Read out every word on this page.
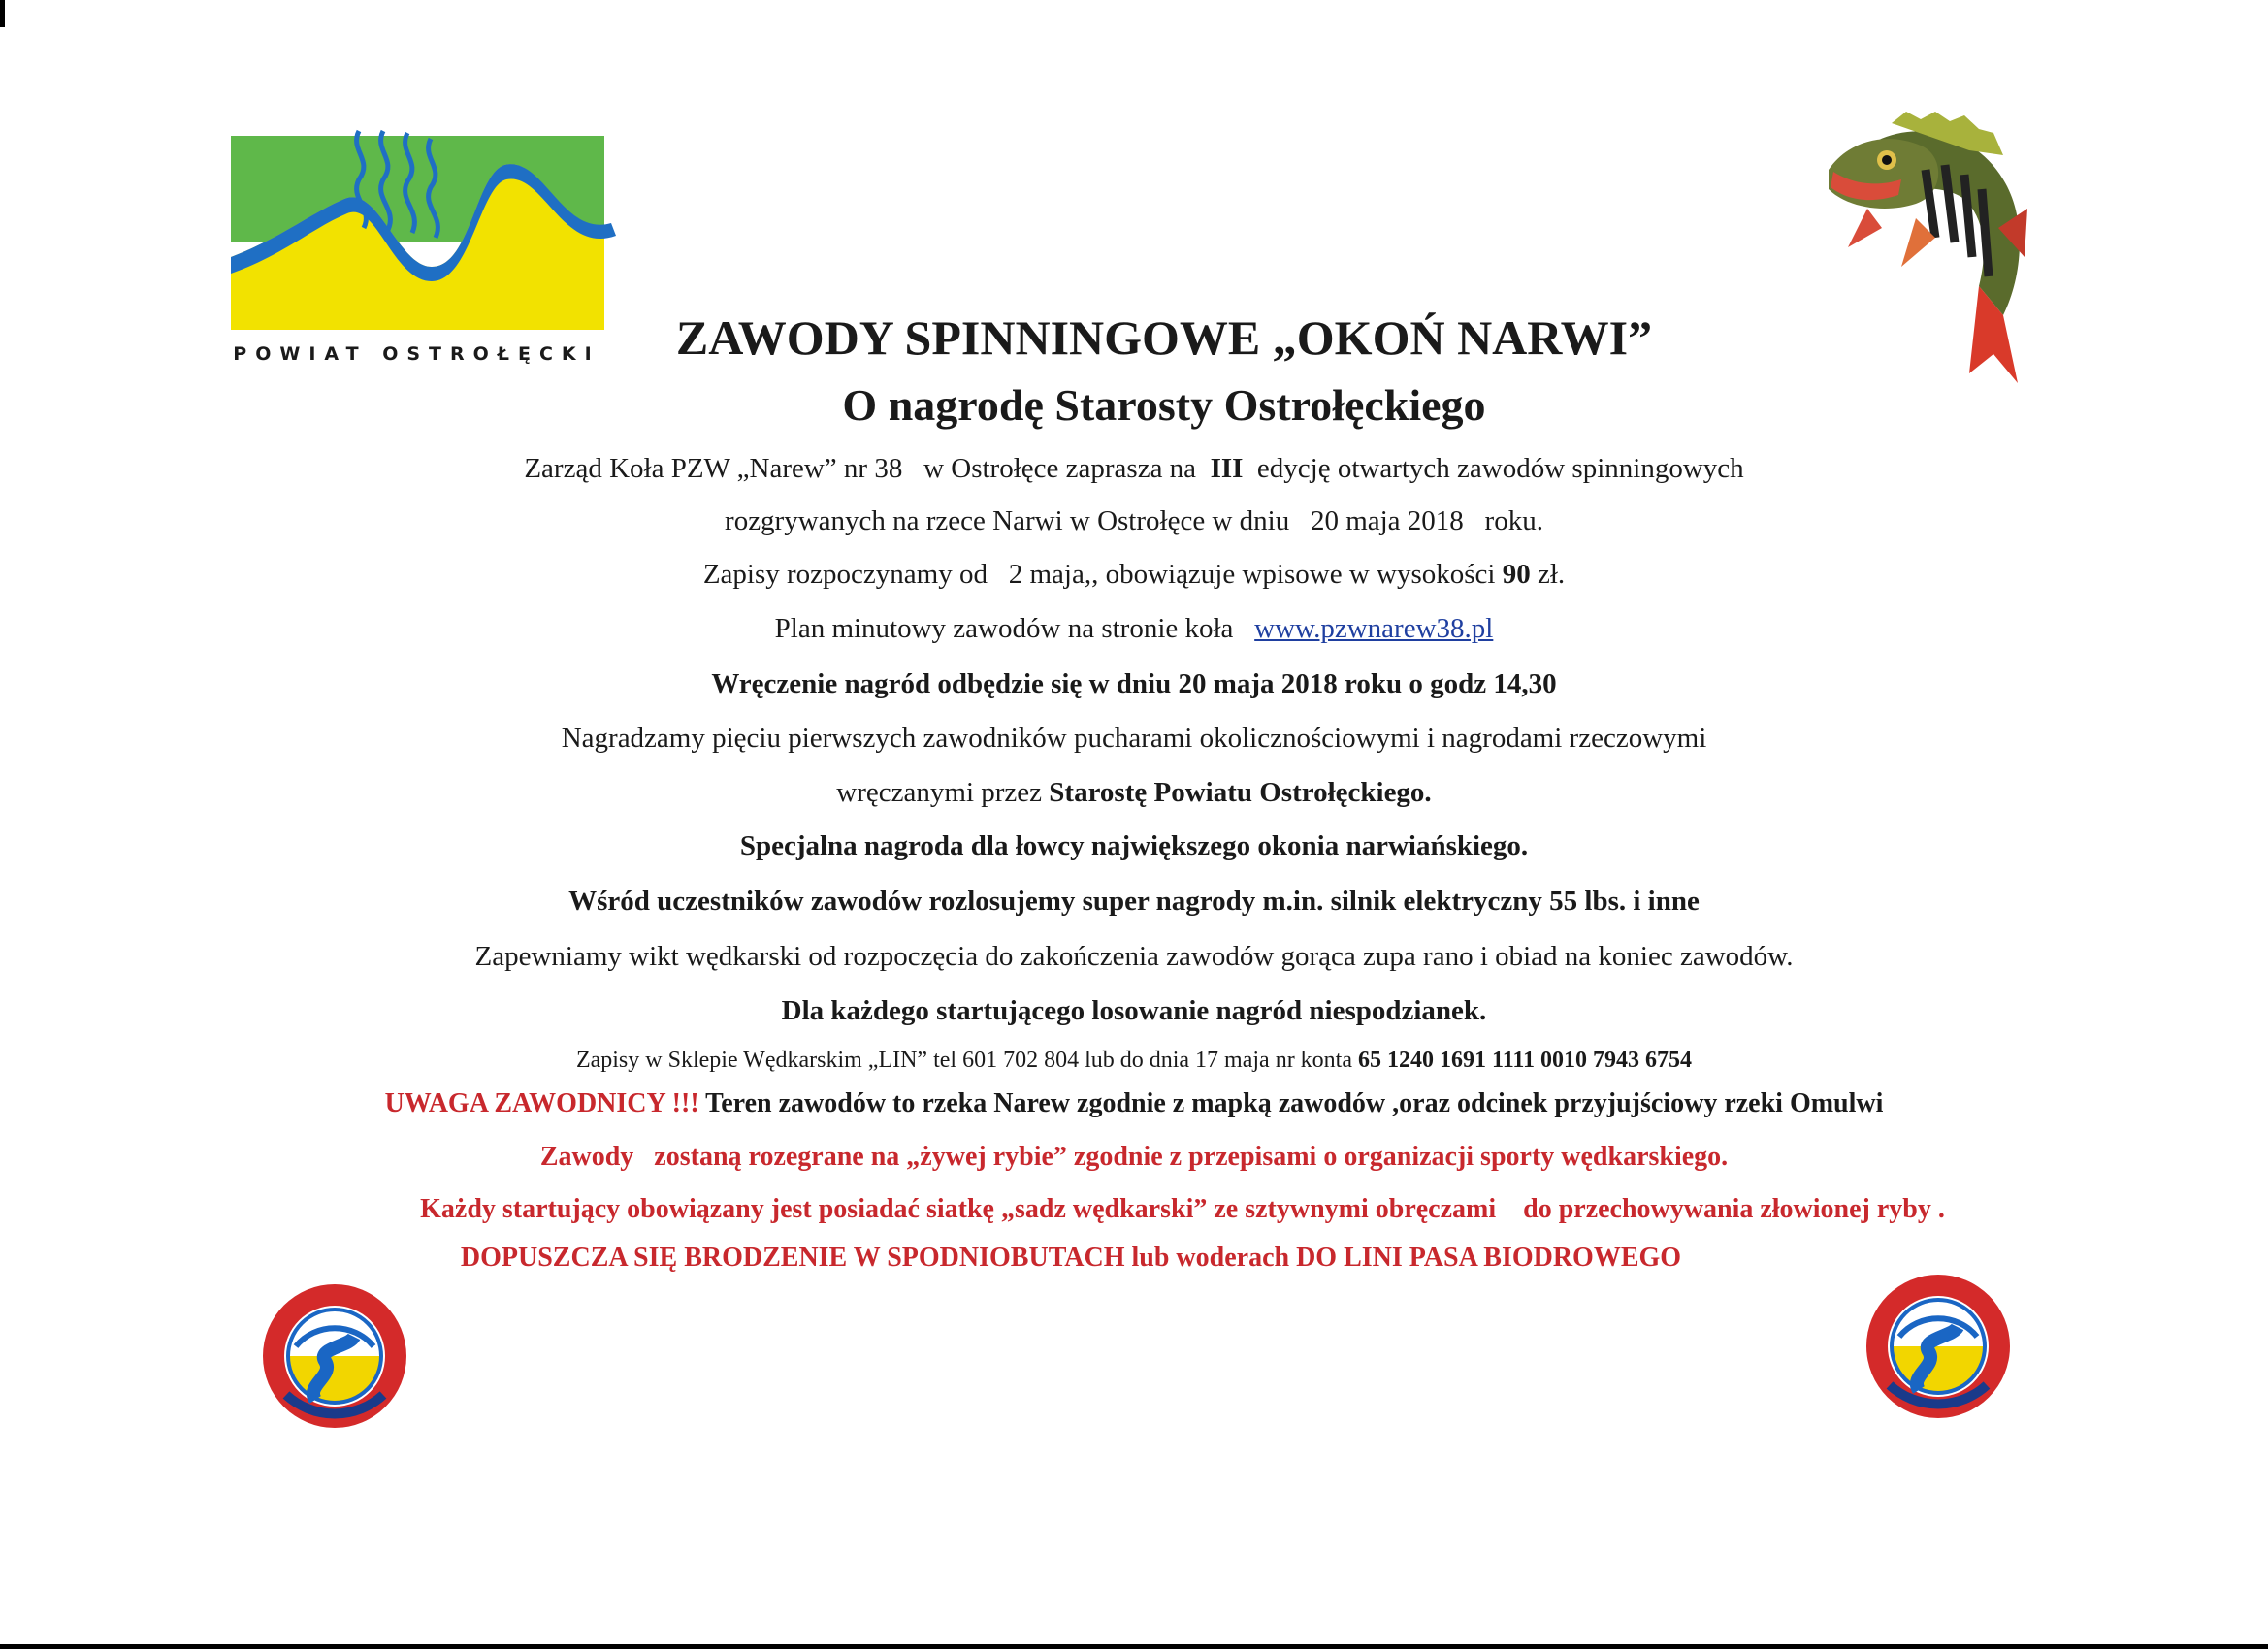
POWIAT OSTROŁĘCKI	ZAWODY SPINNINGOWE „OKOŃ NARWI”
O nagrodę Starosty Ostrołęckiego
Zarząd Koła PZW „Narew” nr 38   w Ostrołęce zaprasza na  III  edycję otwartych zawodów spinningowych
rozgrywanych na rzece Narwi w Ostrołęce w dniu   20 maja 2018   roku.
Zapisy rozpoczynamy od   2 maja,, obowiązuje wpisowe w wysokości 90 zł.
Plan minutowy zawodów na stronie koła   www.pzwnarew38.pl
Wręczenie nagród odbędzie się w dniu 20 maja 2018 roku o godz 14,30
Nagradzamy pięciu pierwszych zawodników pucharami okolicznościowymi i nagrodami rzeczowymi
wręczanymi przez Starostę Powiatu Ostrołęckiego.
Specjalna nagroda dla łowcy największego okonia narwiańskiego.
Wśród uczestników zawodów rozlosujemy super nagrody m.in. silnik elektryczny 55 lbs. i inne
Zapewniamy wikt wędkarski od rozpoczęcia do zakończenia zawodów gorąca zupa rano i obiad na koniec zawodów.
Dla każdego startującego losowanie nagród niespodzianek.
Zapisy w Sklepie Wędkarskim „LIN” tel 601 702 804 lub do dnia 17 maja nr konta 65 1240 1691 1111 0010 7943 6754
UWAGA ZAWODNICY !!! Teren zawodów to rzeka Narew zgodnie z mapką zawodów ,oraz odcinek przyjujściowy rzeki Omulwi
Zawody   zostaną rozegrane na „żywej rybie” zgodnie z przepisami o organizacji sporty wędkarskiego.
Każdy startujący obowiązany jest posiadać siatkę „sadz wędkarski” ze sztywnymi obręczami    do przechowywania złowionej ryby .
DOPUSZCZA SIĘ BRODZENIE W SPODNIOBUTACH lub woderach DO LINI PASA BIODROWEGO
